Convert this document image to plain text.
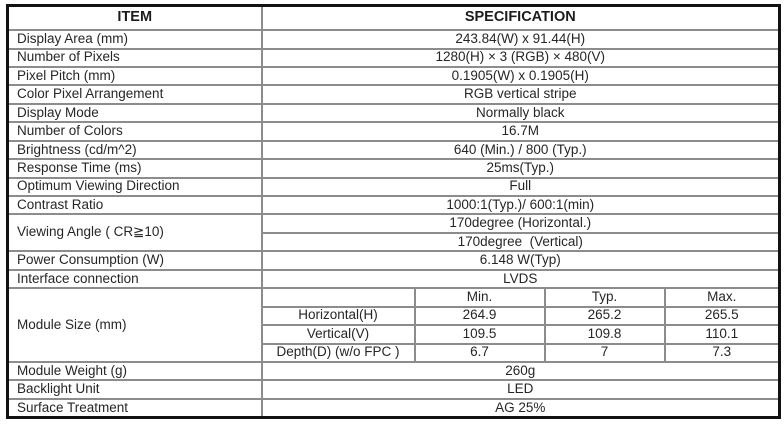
ITEM	SPECIFICATION			
Display Area (mm)	243.84(W) x 91.44(H)			
Number of Pixels	1280(H) × 3 (RGB) × 480(V)			
Pixel Pitch (mm)	0.1905(W) x 0.1905(H)			
Color Pixel Arrangement	RGB vertical stripe			
Display Mode	Normally black			
Number of Colors	16.7M			
Brightness (cd/m^2)	640 (Min.) / 800 (Typ.)			
Response Time (ms)	25ms(Typ.)			
Optimum Viewing Direction	Full			
Contrast Ratio	1000:1(Typ.)/ 600:1(min)			
Viewing Angle ( CR≧10)	170degree (Horizontal.)			
	170degree  (Vertical)			
Power Consumption (W)	6.148 W(Typ)			
Interface connection	LVDS			
Module Size (mm)		Min.	Typ.	Max.
	Horizontal(H)	264.9	265.2	265.5
	Vertical(V)	109.5	109.8	110.1
	Depth(D) (w/o FPC )	6.7	7	7.3
Module Weight (g)	260g			
Backlight Unit	LED			
Surface Treatment	AG 25%			
